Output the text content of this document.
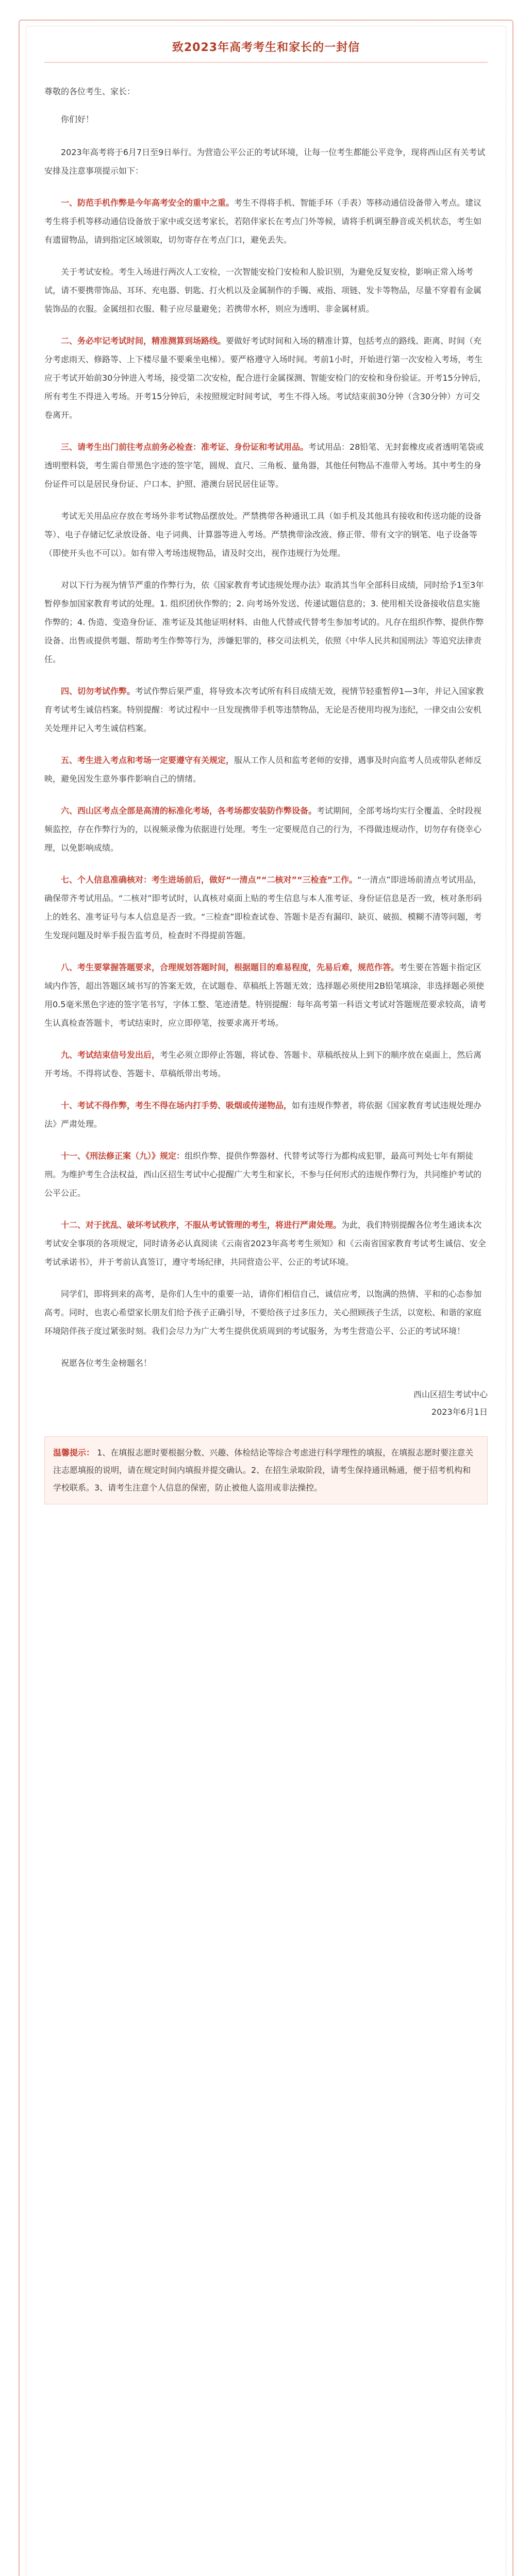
致2023年高考考生和家长的一封信

尊敬的各位考生、家长：

你们好！

2023年高考将于6月7日至9日举行。为营造公平公正的考试环境，让每一位考生都能公平竞争，现将西山区有关考试安排及注意事项提示如下：

一、防范手机作弊是今年高考安全的重中之重。考生不得将手机、智能手环（手表）等移动通信设备带入考点。建议考生将手机等移动通信设备放于家中或交送考家长，若陪伴家长在考点门外等候，请将手机调至静音或关机状态，考生如有遗留物品，请到指定区域领取，切勿寄存在考点门口，避免丢失。

关于考试安检。考生入场进行两次人工安检，一次智能安检门安检和人脸识别，为避免反复安检，影响正常入场考试，请不要携带饰品、耳环、充电器、钥匙、打火机以及金属制作的手镯、戒指、项链、发卡等物品，尽量不穿着有金属装饰品的衣服。金属纽扣衣服、鞋子应尽量避免；若携带水杯，则应为透明、非金属材质。

二、务必牢记考试时间，精准测算到场路线。要做好考试时间和入场的精准计算，包括考点的路线、距离、时间（充分考虑雨天、修路等、上下楼尽量不要乘坐电梯）。要严格遵守入场时间。考前1小时，开始进行第一次安检入考场，考生应于考试开始前30分钟进入考场，接受第二次安检，配合进行金属探测、智能安检门的安检和身份验证。开考15分钟后，所有考生不得进入考场。开考15分钟后，未按照规定时间考试，考生不得入场。考试结束前30分钟（含30分钟）方可交卷离开。

三、请考生出门前往考点前务必检查：准考证、身份证和考试用品。考试用品：28铅笔、无封套橡皮或者透明笔袋或透明塑料袋，考生需自带黑色字迹的签字笔，圆规、直尺、三角板、量角器，其他任何物品不准带入考场。其中考生的身份证件可以是居民身份证、户口本、护照、港澳台居民居住证等。

考试无关用品应存放在考场外非考试物品摆放处。严禁携带各种通讯工具（如手机及其他具有接收和传送功能的设备等）、电子存储记忆录放设备、电子词典、计算器等进入考场。严禁携带涂改液、修正带、带有文字的钢笔、电子设备等（即使开头也不可以）。如有带入考场违规物品，请及时交出，视作违规行为处理。

对以下行为视为情节严重的作弊行为，依《国家教育考试违规处理办法》取消其当年全部科目成绩，同时给予1至3年暂停参加国家教育考试的处理。1. 组织团伙作弊的；2. 向考场外发送、传递试题信息的；3. 使用相关设备接收信息实施作弊的；4. 伪造、变造身份证、准考证及其他证明材料、由他人代替或代替考生参加考试的。凡存在组织作弊、提供作弊设备、出售或提供考题、帮助考生作弊等行为，涉嫌犯罪的，移交司法机关，依照《中华人民共和国刑法》等追究法律责任。

四、切勿考试作弊。考试作弊后果严重，将导致本次考试所有科目成绩无效，视情节轻重暂停1—3年，并记入国家教育考试考生诚信档案。特别提醒：考试过程中一旦发现携带手机等违禁物品，无论是否使用均视为违纪，一律交由公安机关处理并记入考生诚信档案。

五、考生进入考点和考场一定要遵守有关规定，服从工作人员和监考老师的安排，遇事及时向监考人员或带队老师反映，避免因发生意外事件影响自己的情绪。

六、西山区考点全部是高清的标准化考场，各考场都安装防作弊设备。考试期间，全部考场均实行全覆盖、全时段视频监控，存在作弊行为的，以视频录像为依据进行处理。考生一定要规范自己的行为，不得做违规动作，切勿存有侥幸心理，以免影响成绩。

七、个人信息准确核对：考生进场前后，做好“一清点”“二核对”“三检查”工作。“一清点”即进场前清点考试用品，确保带齐考试用品。“二核对”即考试时，认真核对桌面上贴的考生信息与本人准考证、身份证信息是否一致，核对条形码上的姓名、准考证号与本人信息是否一致。“三检查”即检查试卷、答题卡是否有漏印、缺页、破损、模糊不清等问题，考生发现问题及时举手报告监考员，检查时不得提前答题。

八、考生要掌握答题要求，合理规划答题时间，根据题目的难易程度，先易后难，规范作答。考生要在答题卡指定区域内作答，超出答题区域书写的答案无效，在试题卷、草稿纸上答题无效；选择题必须使用2B铅笔填涂，非选择题必须使用0.5毫米黑色字迹的签字笔书写，字体工整、笔迹清楚。特别提醒：每年高考第一科语文考试对答题规范要求较高，请考生认真检查答题卡，考试结束时，应立即停笔，按要求离开考场。

九、考试结束信号发出后，考生必须立即停止答题，将试卷、答题卡、草稿纸按从上到下的顺序放在桌面上，然后离开考场。不得将试卷、答题卡、草稿纸带出考场。

十、考试不得作弊，考生不得在场内打手势、吸烟或传递物品，如有违规作弊者，将依据《国家教育考试违规处理办法》严肃处理。

十一、《刑法修正案（九）》规定：组织作弊、提供作弊器材、代替考试等行为都构成犯罪，最高可判处七年有期徒刑。为维护考生合法权益，西山区招生考试中心提醒广大考生和家长，不参与任何形式的违规作弊行为，共同维护考试的公平公正。

十二、对于扰乱、破坏考试秩序，不服从考试管理的考生，将进行严肃处理。为此，我们特别提醒各位考生通读本次考试安全事项的各项规定，同时请务必认真阅读《云南省2023年高考考生须知》和《云南省国家教育考试考生诚信、安全考试承诺书》，并于考前认真签订，遵守考场纪律，共同营造公平、公正的考试环境。

同学们，即将到来的高考，是你们人生中的重要一站，请你们相信自己，诚信应考，以饱满的热情、平和的心态参加高考。同时，也衷心希望家长朋友们给予孩子正确引导，不要给孩子过多压力，关心照顾孩子生活，以宽松、和谐的家庭环境陪伴孩子度过紧张时刻。我们会尽力为广大考生提供优质周到的考试服务，为考生营造公平、公正的考试环境！

祝愿各位考生金榜题名！

西山区招生考试中心
2023年6月1日
温馨提示： 1、在填报志愿时要根据分数、兴趣、体检结论等综合考虑进行科学理性的填报，在填报志愿时要注意关注志愿填报的说明，请在规定时间内填报并提交确认。2、在招生录取阶段，请考生保持通讯畅通，便于招考机构和学校联系。3、请考生注意个人信息的保密，防止被他人盗用或非法操控。
